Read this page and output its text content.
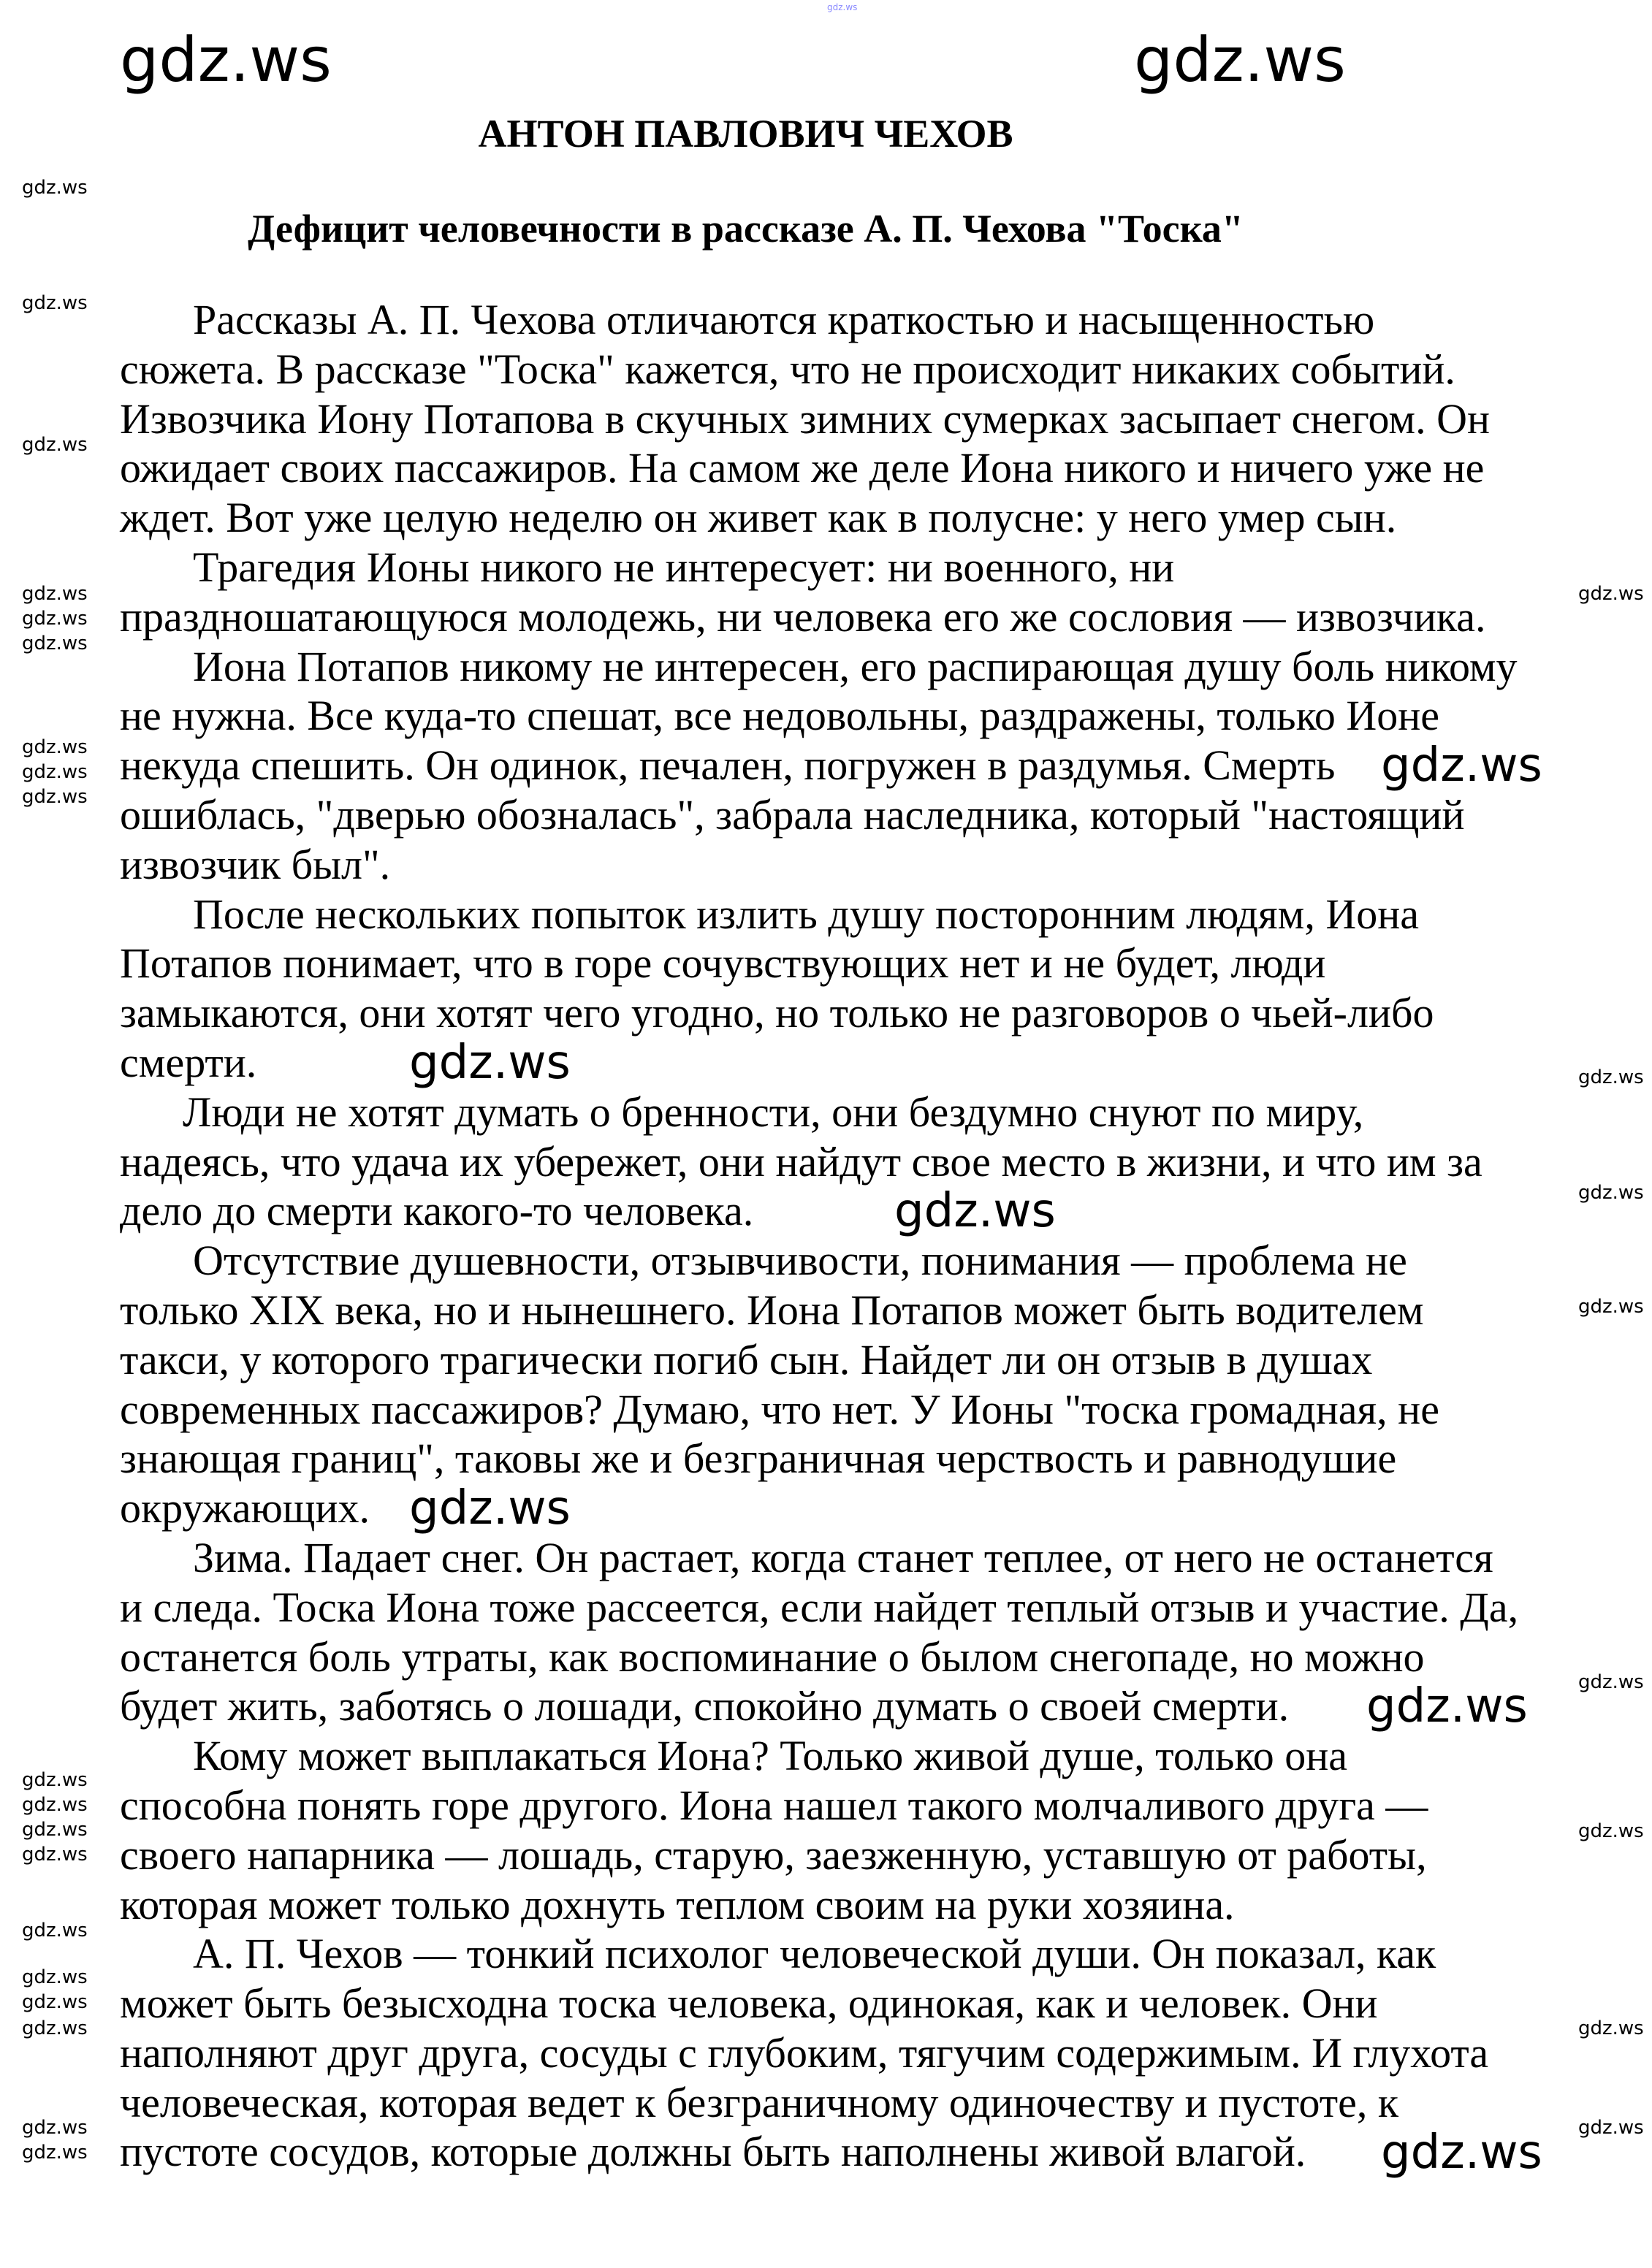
АНТОН ПАВЛОВИЧ ЧЕХОВ
Дефицит человечности в рассказе А. П. Чехова "Тоска"
Рассказы А. П. Чехова отличаются краткостью и насыщенностью
сюжета. В рассказе "Тоска" кажется, что не происходит никаких событий.
Извозчика Иону Потапова в скучных зимних сумерках засыпает снегом. Он
ожидает своих пассажиров. На самом же деле Иона никого и ничего уже не
ждет. Вот уже целую неделю он живет как в полусне: у него умер сын.
Трагедия Ионы никого не интересует: ни военного, ни
праздношатающуюся молодежь, ни человека его же сословия — извозчика.
Иона Потапов никому не интересен, его распирающая душу боль никому
не нужна. Все куда-то спешат, все недовольны, раздражены, только Ионе
некуда спешить. Он одинок, печален, погружен в раздумья. Смерть
ошиблась, "дверью обозналась", забрала наследника, который "настоящий
извозчик был".
После нескольких попыток излить душу посторонним людям, Иона
Потапов понимает, что в горе сочувствующих нет и не будет, люди
замыкаются, они хотят чего угодно, но только не разговоров о чьей-либо
смерти.
Люди не хотят думать о бренности, они бездумно снуют по миру,
надеясь, что удача их убережет, они найдут свое место в жизни, и что им за
дело до смерти какого-то человека.
Отсутствие душевности, отзывчивости, понимания — проблема не
только XIX века, но и нынешнего. Иона Потапов может быть водителем
такси, у которого трагически погиб сын. Найдет ли он отзыв в душах
современных пассажиров? Думаю, что нет. У Ионы "тоска громадная, не
знающая границ", таковы же и безграничная черствость и равнодушие
окружающих.
Зима. Падает снег. Он растает, когда станет теплее, от него не останется
и следа. Тоска Иона тоже рассеется, если найдет теплый отзыв и участие. Да,
останется боль утраты, как воспоминание о былом снегопаде, но можно
будет жить, заботясь о лошади, спокойно думать о своей смерти.
Кому может выплакаться Иона? Только живой душе, только она
способна понять горе другого. Иона нашел такого молчаливого друга —
своего напарника — лошадь, старую, заезженную, уставшую от работы,
которая может только дохнуть теплом своим на руки хозяина.
А. П. Чехов — тонкий психолог человеческой души. Он показал, как
может быть безысходна тоска человека, одинокая, как и человек. Они
наполняют друг друга, сосуды с глубоким, тягучим содержимым. И глухота
человеческая, которая ведет к безграничному одиночеству и пустоте, к
пустоте сосудов, которые должны быть наполнены живой влагой.
gdz.ws
gdz.ws	gdz.ws
gdz.ws
gdz.ws
gdz.ws
gdz.ws
gdz.ws
gdz.ws
gdz.ws
gdz.ws
gdz.ws
gdz.ws
gdz.ws
gdz.ws
gdz.ws
gdz.ws
gdz.ws
gdz.ws
gdz.ws
gdz.ws
gdz.ws
gdz.ws
gdz.ws
gdz.ws
gdz.ws
gdz.ws
gdz.ws
gdz.ws
gdz.ws
gdz.ws
gdz.ws	gdz.ws
gdz.ws
gdz.ws
gdz.ws
